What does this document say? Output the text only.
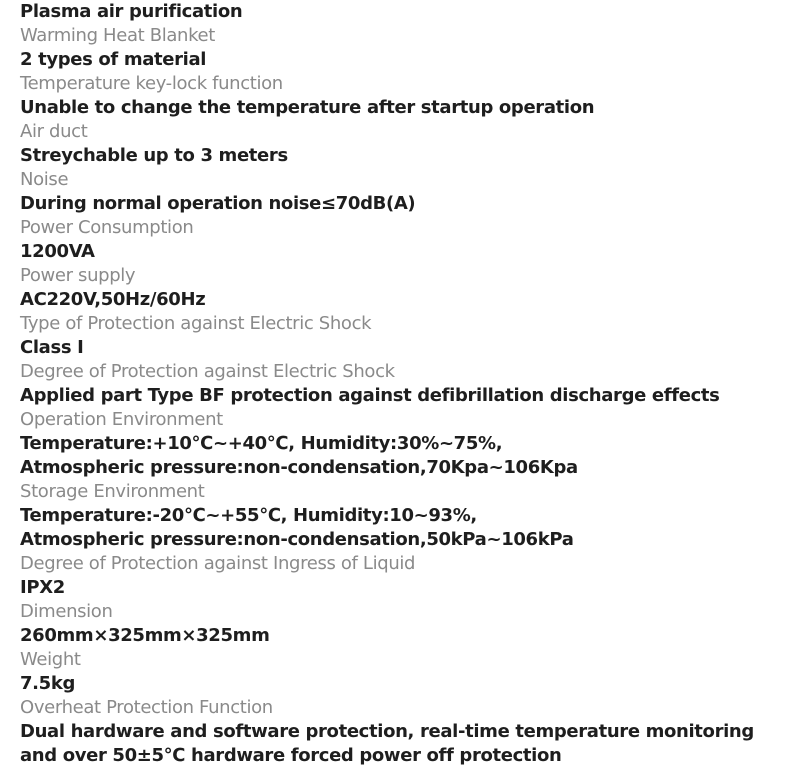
Plasma air purification
Warming Heat Blanket
2 types of material
Temperature key-lock function
Unable to change the temperature after startup operation
Air duct
Streychable up to 3 meters
Noise
During normal operation noise≤70dB(A)
Power Consumption
1200VA
Power supply
AC220V,50Hz/60Hz
Type of Protection against Electric Shock
Class I
Degree of Protection against Electric Shock
Applied part Type BF protection against defibrillation discharge effects
Operation Environment
Temperature:+10℃~+40℃, Humidity:30%~75%,
Atmospheric pressure:non-condensation,70Kpa~106Kpa
Storage Environment
Temperature:-20℃~+55℃, Humidity:10~93%,
Atmospheric pressure:non-condensation,50kPa~106kPa
Degree of Protection against Ingress of Liquid
IPX2
Dimension
260mm×325mm×325mm
Weight
7.5kg
Overheat Protection Function
Dual hardware and software protection, real-time temperature monitoring
and over 50±5℃ hardware forced power off protection
